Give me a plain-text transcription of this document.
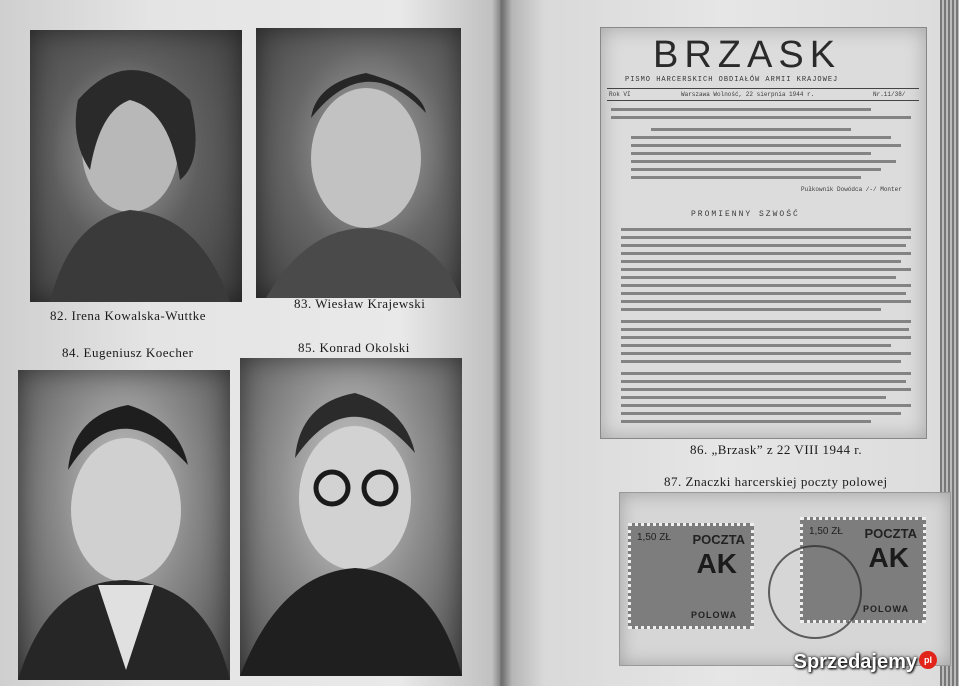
82. Irena Kowalska-Wuttke
83. Wiesław Krajewski
84. Eugeniusz Koecher	85. Konrad Okolski
BRZASK
PISMO HARCERSKICH OBDIAŁÓW ARMII KRAJOWEJ
Rok VI	Warszawa Wolność, 22 sierpnia 1944 r.	Nr.11/38/
Pułkownik Dowódca /-/ Monter
PROMIENNY SZWOŚĆ
86. „Brzask” z 22 VIII 1944 r.
87. Znaczki harcerskiej poczty polowej
1,50 ZŁ POCZTA
AK
POLOWA
1,50 ZŁ POCZTA
AK
POLOWA
Sprzedajemy pl
